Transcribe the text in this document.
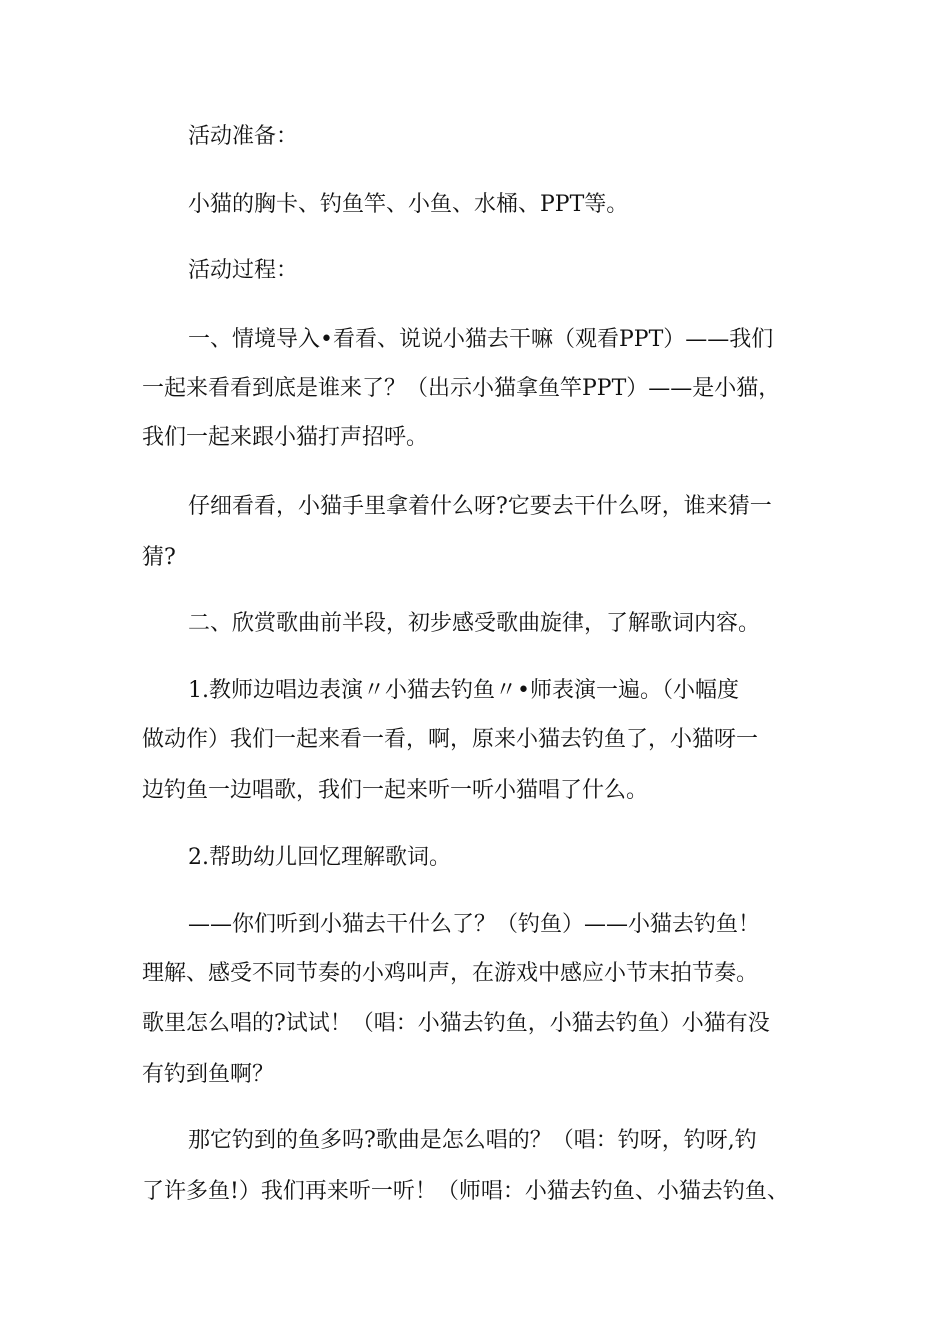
活动准备：
小猫的胸卡、钓鱼竿、小鱼、水桶、PPT等。
活动过程：
一、情境导入•看看、说说小猫去干嘛（观看PPT）——我们
一起来看看到底是谁来了？（出示小猫拿鱼竿PPT）——是小猫，
我们一起来跟小猫打声招呼。
仔细看看，小猫手里拿着什么呀?它要去干什么呀，谁来猜一
猜?
二、欣赏歌曲前半段，初步感受歌曲旋律，了解歌词内容。
1.教师边唱边表演〃小猫去钓鱼〃•师表演一遍。（小幅度
做动作）我们一起来看一看，啊，原来小猫去钓鱼了，小猫呀一
边钓鱼一边唱歌，我们一起来听一听小猫唱了什么。
2.帮助幼儿回忆理解歌词。
——你们听到小猫去干什么了？（钓鱼）——小猫去钓鱼！
理解、感受不同节奏的小鸡叫声，在游戏中感应小节末拍节奏。
歌里怎么唱的?试试！（唱：小猫去钓鱼，小猫去钓鱼）小猫有没
有钓到鱼啊？
那它钓到的鱼多吗?歌曲是怎么唱的？（唱：钓呀，钓呀,钓
了许多鱼!）我们再来听一听！（师唱：小猫去钓鱼、小猫去钓鱼、
